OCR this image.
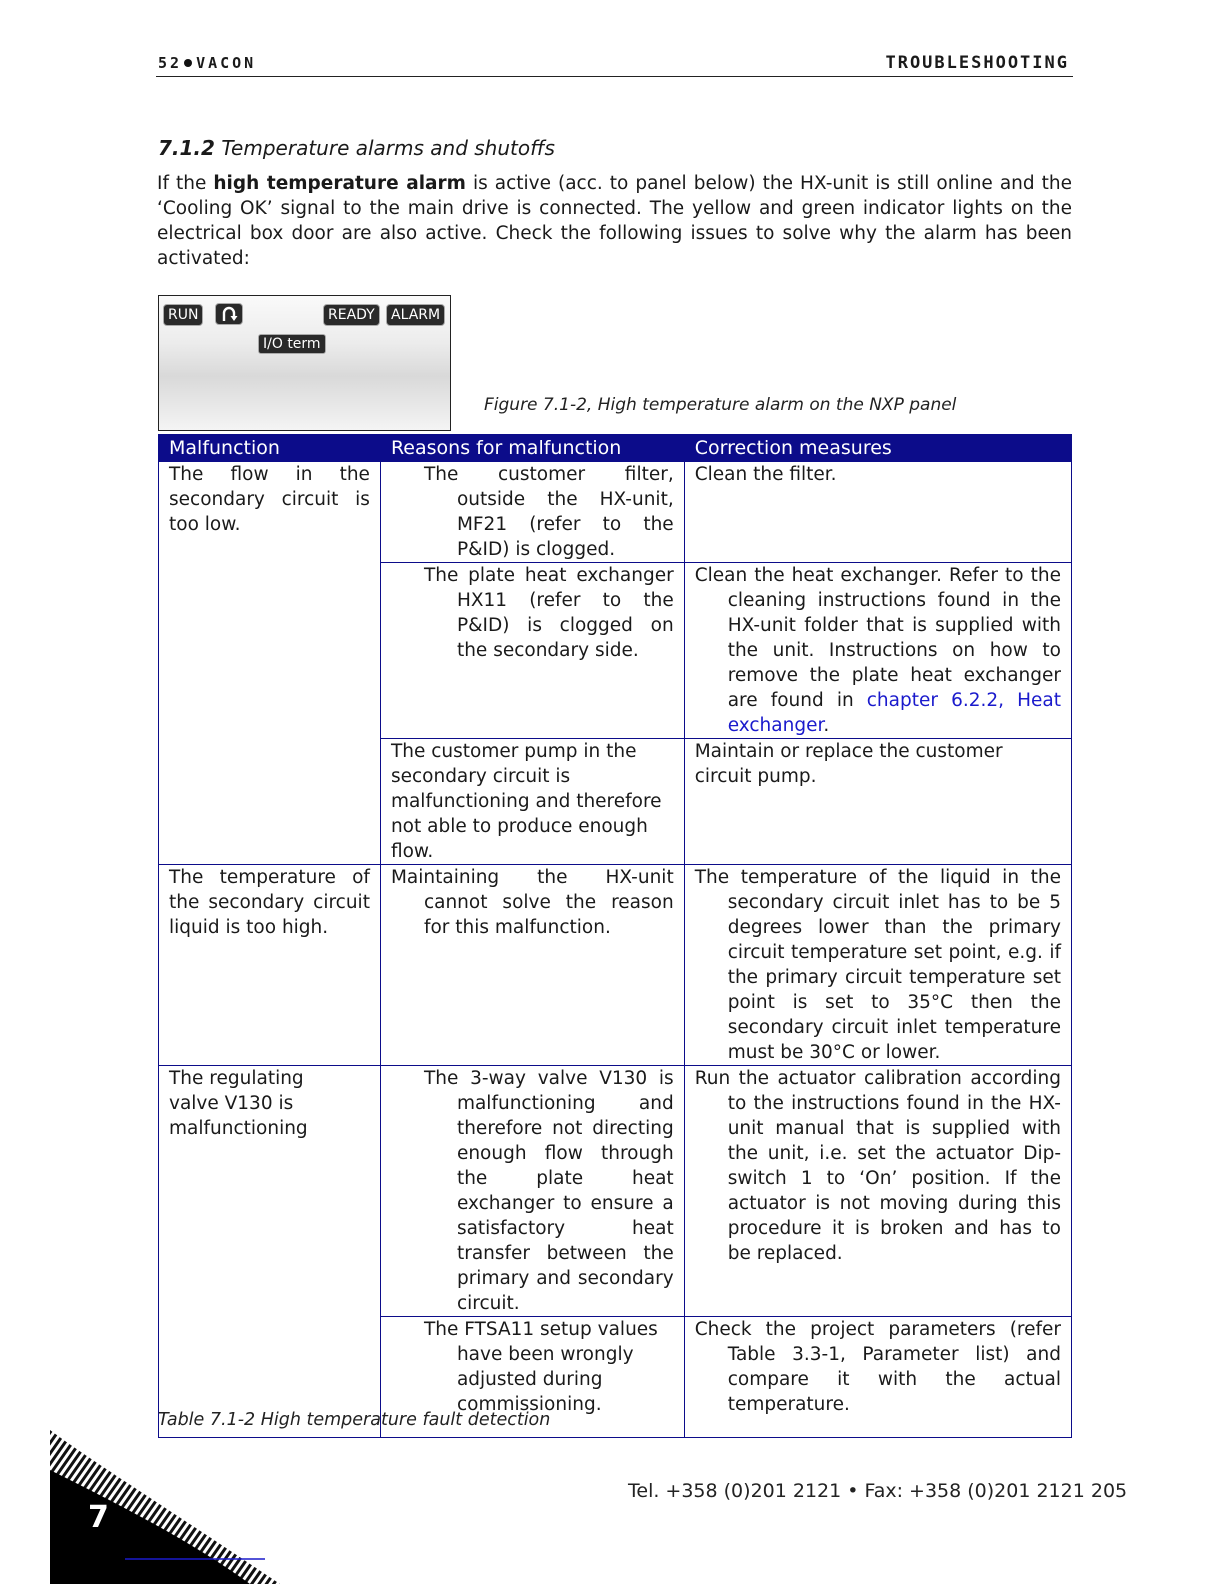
52 VACON	TROUBLESHOOTING
7.1.2 Temperature alarms and shutoffs
If the high temperature alarm is active (acc. to panel below) the HX-unit is still online and the ‘Cooling OK’ signal to the main drive is connected. The yellow and green indicator lights on the electrical box door are also active. Check the following issues to solve why the alarm has been activated:
RUN	READY	ALARM
I/O term
Figure 7.1-2, High temperature alarm on the NXP panel
Malfunction	Reasons for malfunction	Correction measures
The flow in the secondary circuit is too low.	The customer filter, outside the HX-unit, MF21 (refer to the P&ID) is clogged.	Clean the filter.

	The plate heat exchanger HX11 (refer to the P&ID) is clogged on the secondary side.	Clean the heat exchanger. Refer to the cleaning instructions found in the HX-unit folder that is supplied with the unit. Instructions on how to remove the plate heat exchanger are found in chapter 6.2.2, Heat exchanger.

	The customer pump in the secondary circuit is malfunctioning and therefore not able to produce enough flow.	Maintain or replace the customer circuit pump.

The temperature of the secondary circuit liquid is too high.	Maintaining the HX-unit cannot solve the reason for this malfunction.	The temperature of the liquid in the secondary circuit inlet has to be 5 degrees lower than the primary circuit temperature set point, e.g. if the primary circuit temperature set point is set to 35°C then the secondary circuit inlet temperature must be 30°C or lower.

The regulating valve V130 is malfunctioning	The 3-way valve V130 is malfunctioning and therefore not directing enough flow through the plate heat exchanger to ensure a satisfactory heat transfer between the primary and secondary circuit.	Run the actuator calibration according to the instructions found in the HX-unit manual that is supplied with the unit, i.e. set the actuator Dip-switch 1 to ‘On’ position. If the actuator is not moving during this procedure it is broken and has to be replaced.

	The FTSA11 setup values have been wrongly adjusted during commissioning.	Check the project parameters (refer Table 3.3-1, Parameter list) and compare it with the actual temperature.
Table 7.1-2 High temperature fault detection
Tel. +358 (0)201 2121 • Fax: +358 (0)201 2121 205
7
